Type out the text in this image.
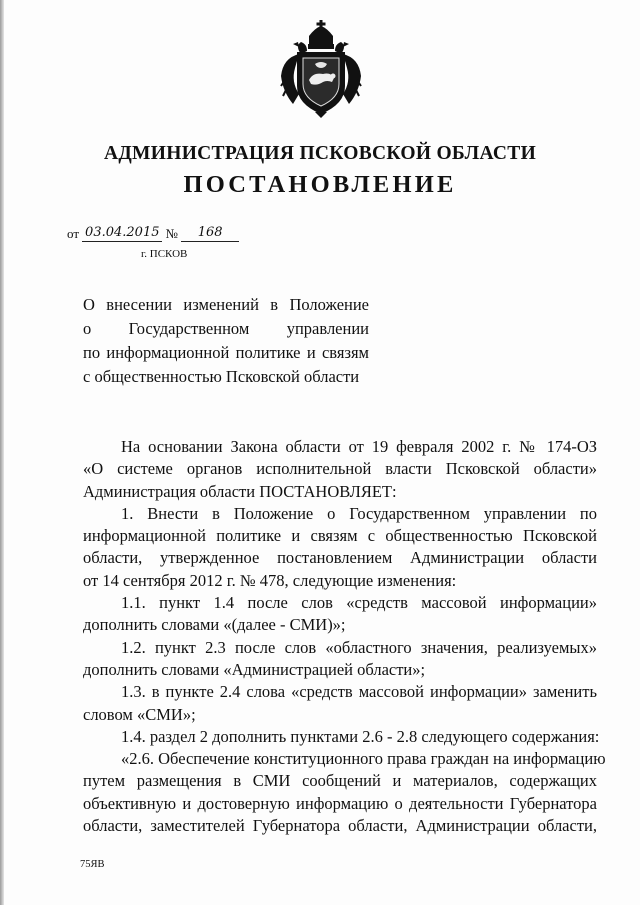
АДМИНИСТРАЦИЯ ПСКОВСКОЙ ОБЛАСТИ
ПОСТАНОВЛЕНИЕ
от 03.04.2015 № 168
г. ПСКОВ
О внесении изменений в Положение
о Государственном управлении
по информационной политике и связям
с общественностью Псковской области
На основании Закона области от 19 февраля 2002 г. № 174-ОЗ
«О системе органов исполнительной власти Псковской области»
Администрация области ПОСТАНОВЛЯЕТ:
1. Внести в Положение о Государственном управлении по
информационной политике и связям с общественностью Псковской
области, утвержденное постановлением Администрации области
от 14 сентября 2012 г. № 478, следующие изменения:
1.1. пункт 1.4 после слов «средств массовой информации»
дополнить словами «(далее - СМИ)»;
1.2. пункт 2.3 после слов «областного значения, реализуемых»
дополнить словами «Администрацией области»;
1.3. в пункте 2.4 слова «средств массовой информации» заменить
словом «СМИ»;
1.4. раздел 2 дополнить пунктами 2.6 - 2.8 следующего содержания:
«2.6. Обеспечение конституционного права граждан на информацию
путем размещения в СМИ сообщений и материалов, содержащих
объективную и достоверную информацию о деятельности Губернатора
области, заместителей Губернатора области, Администрации области,
75ЯВ
